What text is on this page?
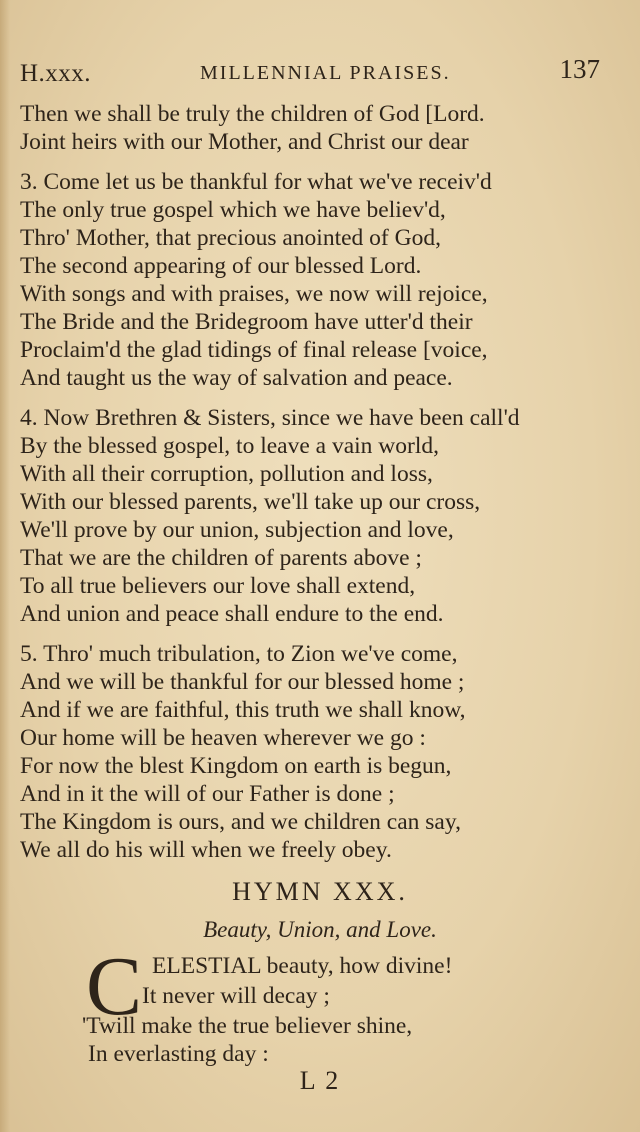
H.xxx.	MILLENNIAL PRAISES.	137
Then we shall be truly the children of God [Lord.
Joint heirs with our Mother, and Christ our dear
3. Come let us be thankful for what we've receiv'd
The only true gospel which we have believ'd,
Thro' Mother, that precious anointed of God,
The second appearing of our blessed Lord.
With songs and with praises, we now will rejoice,
The Bride and the Bridegroom have utter'd their
Proclaim'd the glad tidings of final release [voice,
And taught us the way of salvation and peace.
4. Now Brethren & Sisters, since we have been call'd
By the blessed gospel, to leave a vain world,
With all their corruption, pollution and loss,
With our blessed parents, we'll take up our cross,
We'll prove by our union, subjection and love,
That we are the children of parents above ;
To all true believers our love shall extend,
And union and peace shall endure to the end.
5. Thro' much tribulation, to Zion we've come,
And we will be thankful for our blessed home ;
And if we are faithful, this truth we shall know,
Our home will be heaven wherever we go :
For now the blest Kingdom on earth is begun,
And in it the will of our Father is done ;
The Kingdom is ours, and we children can say,
We all do his will when we freely obey.
HYMN XXX.
Beauty, Union, and Love.
C ELESTIAL beauty, how divine!
It never will decay ;
'Twill make the true believer shine,
In everlasting day :
L 2
